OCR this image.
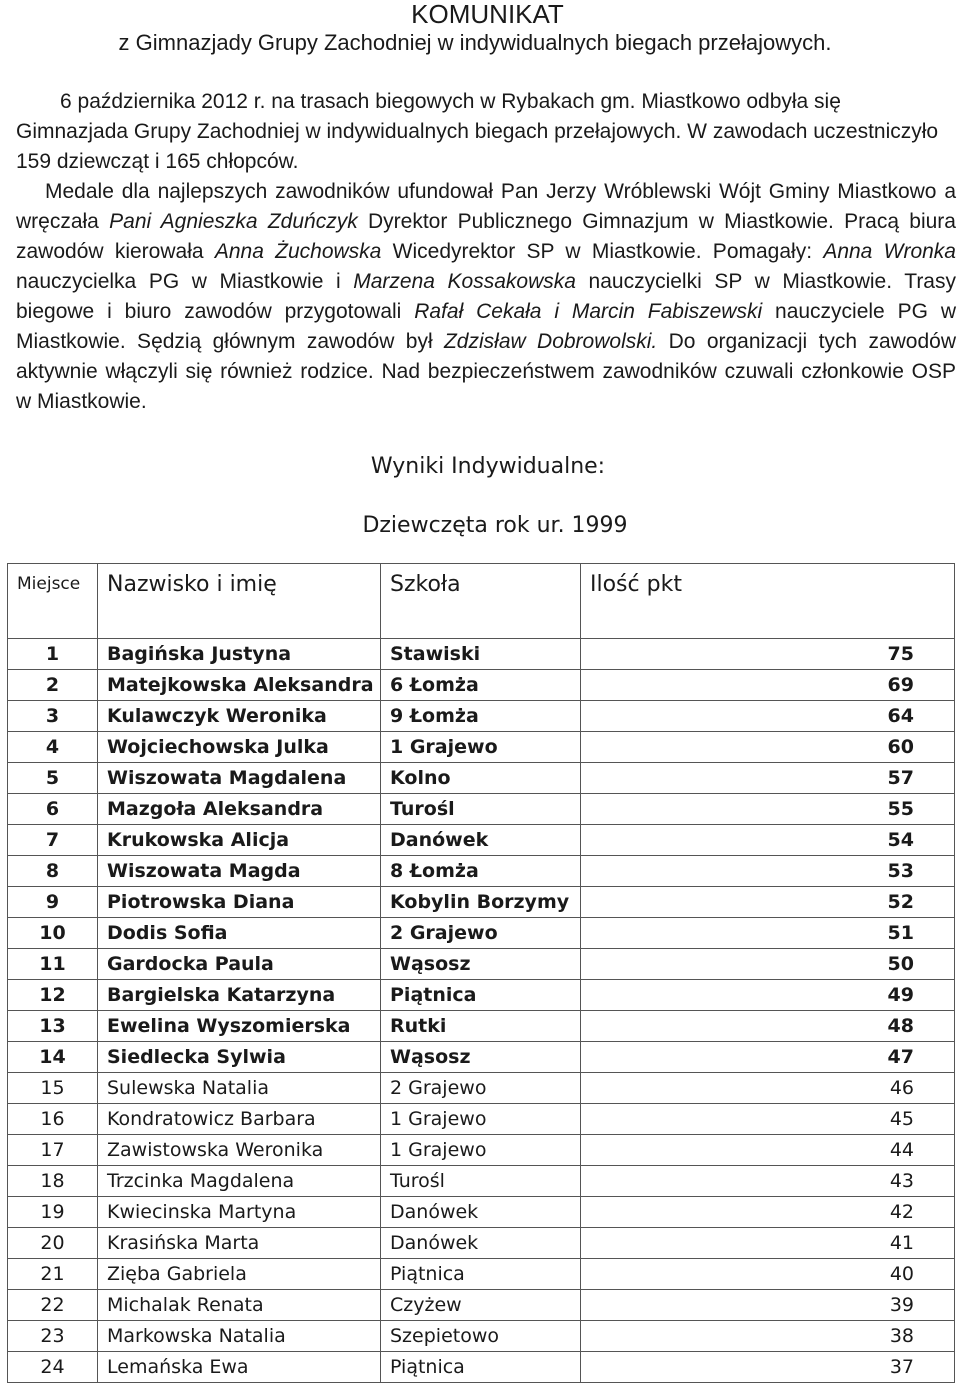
KOMUNIKAT
z Gimnazjady Grupy Zachodniej w indywidualnych biegach przełajowych.

6 października 2012 r. na trasach biegowych w Rybakach gm. Miastkowo odbyła się Gimnazjada Grupy Zachodniej w indywidualnych biegach przełajowych. W zawodach uczestniczyło 159 dziewcząt i 165 chłopców.

Medale dla najlepszych zawodników ufundował Pan Jerzy Wróblewski Wójt Gminy Miastkowo a wręczała Pani Agnieszka Zduńczyk Dyrektor Publicznego Gimnazjum w Miastkowie. Pracą biura zawodów kierowała Anna Żuchowska Wicedyrektor SP w Miastkowie. Pomagały: Anna Wronka nauczycielka PG w Miastkowie i Marzena Kossakowska nauczycielki SP w Miastkowie. Trasy biegowe i biuro zawodów przygotowali Rafał Cekała i Marcin Fabiszewski nauczyciele PG w Miastkowie. Sędzią głównym zawodów był Zdzisław Dobrowolski. Do organizacji tych zawodów aktywnie włączyli się również rodzice. Nad bezpieczeństwem zawodników czuwali członkowie OSP w Miastkowie.

Wyniki Indywidualne:
Dziewczęta rok ur. 1999
Miejsce	Nazwisko i imię	Szkoła	Ilość pkt
1	Bagińska Justyna	Stawiski	75
2	Matejkowska Aleksandra	6 Łomża	69
3	Kulawczyk Weronika	9 Łomża	64
4	Wojciechowska Julka	1 Grajewo	60
5	Wiszowata Magdalena	Kolno	57
6	Mazgoła Aleksandra	Turośl	55
7	Krukowska Alicja	Danówek	54
8	Wiszowata Magda	8 Łomża	53
9	Piotrowska Diana	Kobylin Borzymy	52
10	Dodis Sofia	2 Grajewo	51
11	Gardocka Paula	Wąsosz	50
12	Bargielska Katarzyna	Piątnica	49
13	Ewelina Wyszomierska	Rutki	48
14	Siedlecka Sylwia	Wąsosz	47
15	Sulewska Natalia	2 Grajewo	46
16	Kondratowicz Barbara	1 Grajewo	45
17	Zawistowska Weronika	1 Grajewo	44
18	Trzcinka Magdalena	Turośl	43
19	Kwiecinska Martyna	Danówek	42
20	Krasińska Marta	Danówek	41
21	Zięba Gabriela	Piątnica	40
22	Michalak Renata	Czyżew	39
23	Markowska Natalia	Szepietowo	38
24	Lemańska Ewa	Piątnica	37
